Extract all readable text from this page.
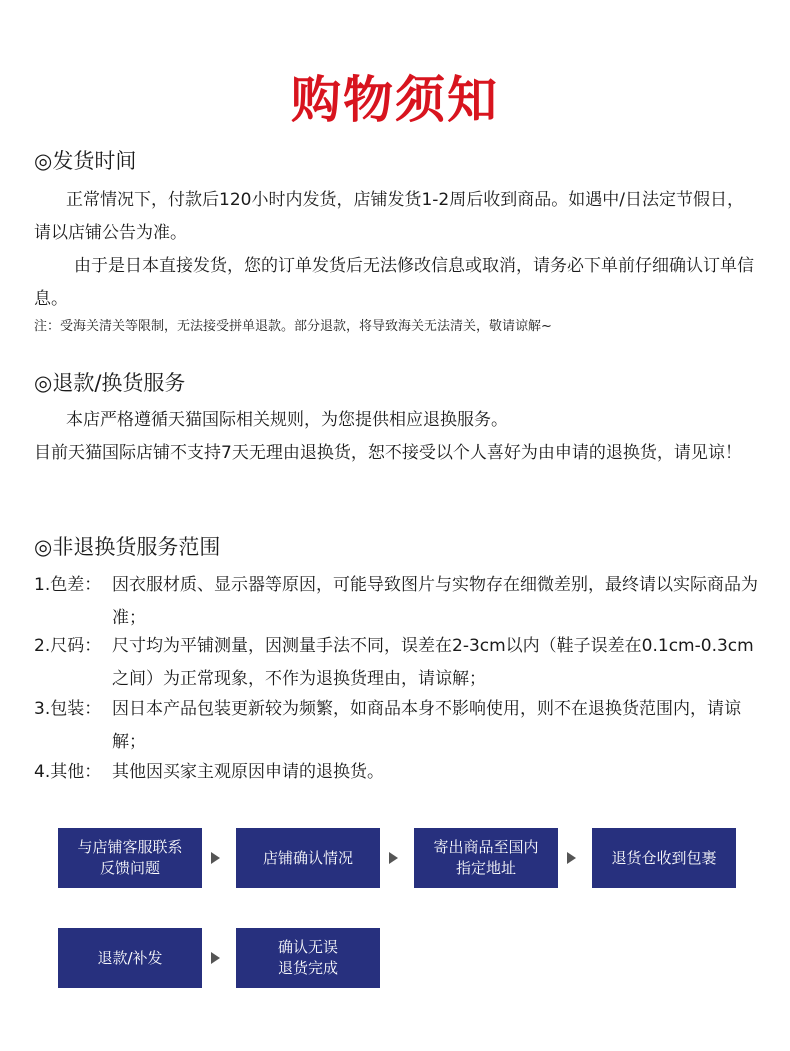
购物须知
◎发货时间
正常情况下，付款后120小时内发货，店铺发货1-2周后收到商品。如遇中/日法定节假日，请以店铺公告为准。
由于是日本直接发货，您的订单发货后无法修改信息或取消，请务必下单前仔细确认订单信息。
注：受海关清关等限制，无法接受拼单退款。部分退款，将导致海关无法清关，敬请谅解~
◎退款/换货服务
本店严格遵循天猫国际相关规则，为您提供相应退换服务。
目前天猫国际店铺不支持7天无理由退换货，恕不接受以个人喜好为由申请的退换货，请见谅！
◎非退换货服务范围
1.色差： 因衣服材质、显示器等原因，可能导致图片与实物存在细微差别，最终请以实际商品为准；
2.尺码： 尺寸均为平铺测量，因测量手法不同，误差在2-3cm以内（鞋子误差在0.1cm-0.3cm之间）为正常现象，不作为退换货理由，请谅解；
3.包装： 因日本产品包装更新较为频繁，如商品本身不影响使用，则不在退换货范围内，请谅解；
4.其他： 其他因买家主观原因申请的退换货。
与店铺客服联系
反馈问题
店铺确认情况
寄出商品至国内
指定地址
退货仓收到包裹
退款/补发
确认无误
退货完成
